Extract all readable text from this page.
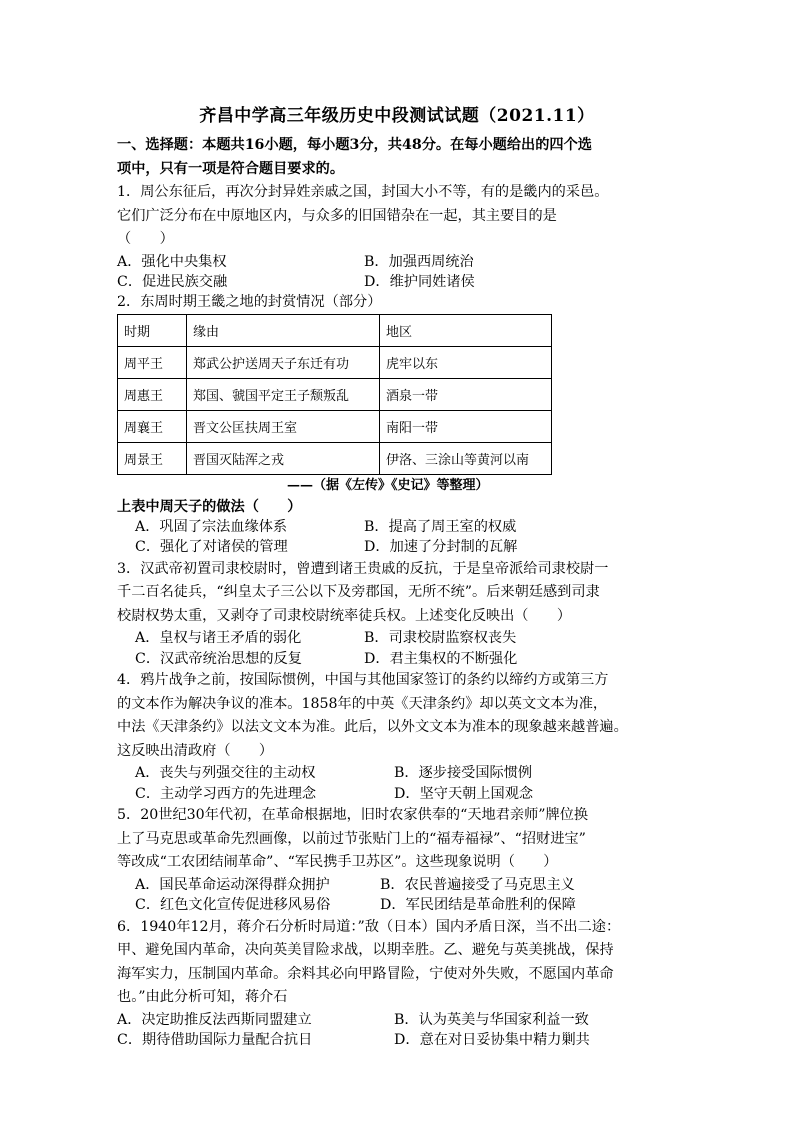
齐昌中学高三年级历史中段测试试题（2021.11）

一、选择题：本题共16小题，每小题3分，共48分。在每小题给出的四个选

项中，只有一项是符合题目要求的。

1．周公东征后，再次分封异姓亲戚之国，封国大小不等，有的是畿内的采邑。

它们广泛分布在中原地区内，与众多的旧国错杂在一起，其主要目的是

（　　）

A．强化中央集权	B．加强西周统治
C．促进民族交融	D．维护同姓诸侯

2．东周时期王畿之地的封赏情况（部分）

时期	缘由	地区
周平王	郑武公护送周天子东迁有功	虎牢以东
周惠王	郑国、虢国平定王子颓叛乱	酒泉一带
周襄王	晋文公匡扶周王室	南阳一带
周景王	晋国灭陆浑之戎	伊洛、三涂山等黄河以南
——（据《左传》《史记》等整理）

上表中周天子的做法（　　）

A．巩固了宗法血缘体系	B．提高了周王室的权威
C．强化了对诸侯的管理	D．加速了分封制的瓦解

3．汉武帝初置司隶校尉时，曾遭到诸王贵戚的反抗，于是皇帝派给司隶校尉一

千二百名徒兵，“纠皇太子三公以下及旁郡国，无所不统”。后来朝廷感到司隶

校尉权势太重，又剥夺了司隶校尉统率徒兵权。上述变化反映出（　　）

A．皇权与诸王矛盾的弱化	B．司隶校尉监察权丧失
C．汉武帝统治思想的反复	D．君主集权的不断强化

4．鸦片战争之前，按国际惯例，中国与其他国家签订的条约以缔约方或第三方

的文本作为解决争议的准本。1858年的中英《天津条约》却以英文文本为准，

中法《天津条约》以法文文本为准。此后，以外文文本为准本的现象越来越普遍。

这反映出清政府（　　）

A．丧失与列强交往的主动权	B．逐步接受国际惯例
C．主动学习西方的先进理念	D．坚守天朝上国观念

5．20世纪30年代初，在革命根据地，旧时农家供奉的“天地君亲师”牌位换

上了马克思或革命先烈画像，以前过节张贴门上的“福寿福禄”、“招财进宝”

等改成“工农团结闹革命”、“军民携手卫苏区”。这些现象说明（　　）

A．国民革命运动深得群众拥护	B．农民普遍接受了马克思主义
C．红色文化宣传促进移风易俗	D．军民团结是革命胜利的保障

6．1940年12月，蒋介石分析时局道：”敌（日本）国内矛盾日深，当不出二途：

甲、避免国内革命，决向英美冒险求战，以期幸胜。乙、避免与英美挑战，保持

海军实力，压制国内革命。余料其必向甲路冒险，宁使对外失败，不愿国内革命

也。”由此分析可知，蒋介石

A．决定助推反法西斯同盟建立	B．认为英美与华国家利益一致
C．期待借助国际力量配合抗日	D．意在对日妥协集中精力剿共
